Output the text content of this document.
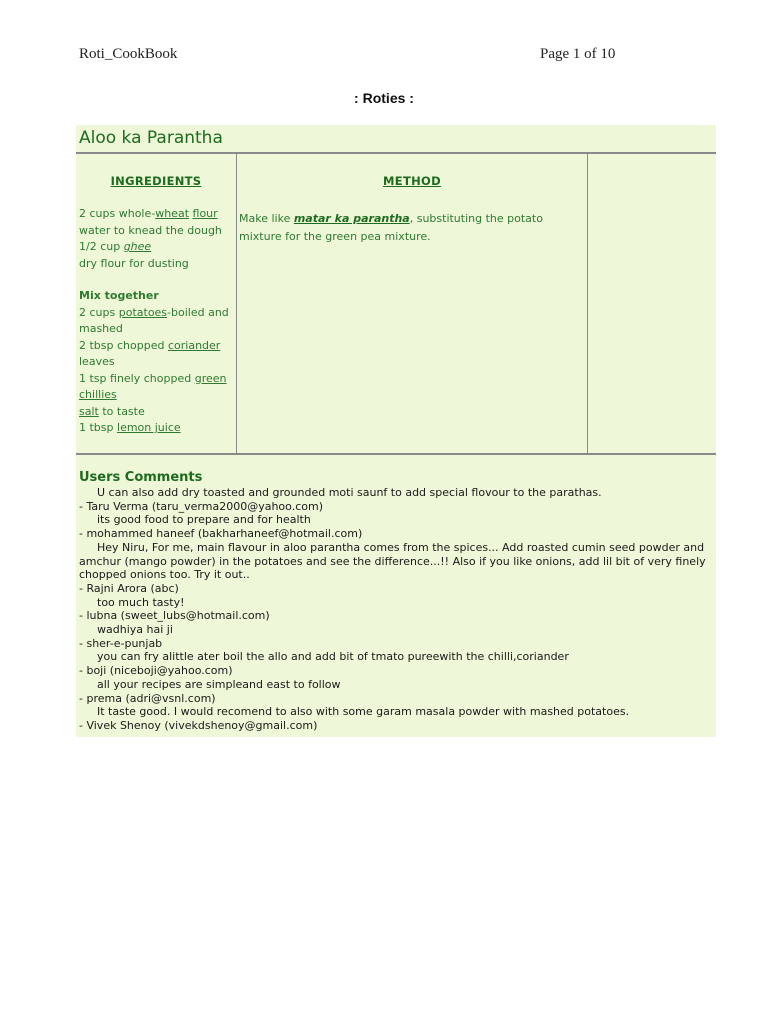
Roti_CookBook	Page 1 of 10
: Roties :
Aloo ka Parantha
INGREDIENTS	METHOD
2 cups whole-wheat flour
water to knead the dough
1/2 cup ghee
dry flour for dusting
Mix together
2 cups potatoes-boiled and mashed
2 tbsp chopped coriander leaves
1 tsp finely chopped green chillies
salt to taste
1 tbsp lemon juice
Make like matar ka parantha, substituting the potato mixture for the green pea mixture.
Users Comments
U can also add dry toasted and grounded moti saunf to add special flovour to the parathas.
- Taru Verma (taru_verma2000@yahoo.com)
its good food to prepare and for health
- mohammed haneef (bakharhaneef@hotmail.com)
Hey Niru, For me, main flavour in aloo parantha comes from the spices... Add roasted cumin seed powder and amchur (mango powder) in the potatoes and see the difference...!! Also if you like onions, add lil bit of very finely chopped onions too. Try it out..
- Rajni Arora (abc)
too much tasty!
- lubna (sweet_lubs@hotmail.com)
wadhiya hai ji
- sher-e-punjab
you can fry alittle ater boil the allo and add bit of tmato pureewith the chilli,coriander
- boji (niceboji@yahoo.com)
all your recipes are simpleand east to follow
- prema (adri@vsnl.com)
It taste good. I would recomend to also with some garam masala powder with mashed potatoes.
- Vivek Shenoy (vivekdshenoy@gmail.com)
